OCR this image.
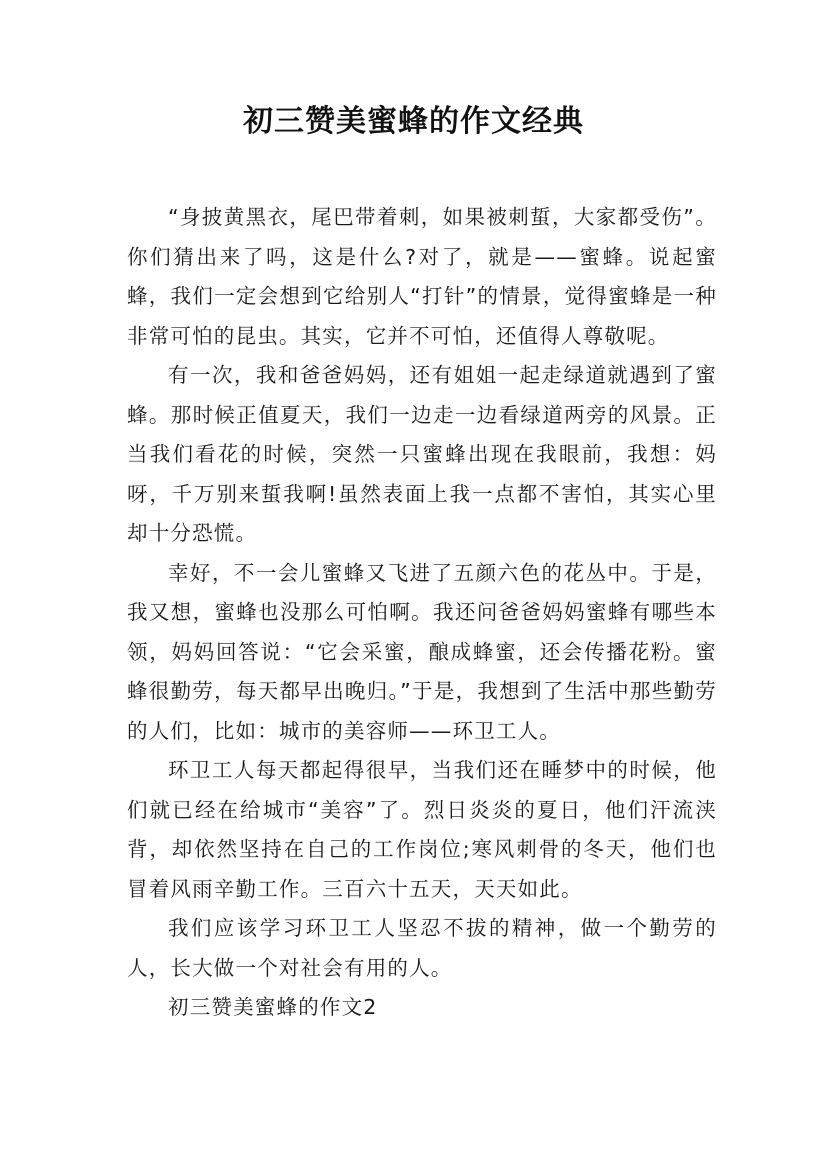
初三赞美蜜蜂的作文经典

“身披黄黑衣，尾巴带着刺，如果被刺蜇，大家都受伤”。你们猜出来了吗，这是什么?对了，就是——蜜蜂。说起蜜蜂，我们一定会想到它给别人“打针”的情景，觉得蜜蜂是一种非常可怕的昆虫。其实，它并不可怕，还值得人尊敬呢。

有一次，我和爸爸妈妈，还有姐姐一起走绿道就遇到了蜜蜂。那时候正值夏天，我们一边走一边看绿道两旁的风景。正当我们看花的时候，突然一只蜜蜂出现在我眼前，我想：妈呀，千万别来蜇我啊!虽然表面上我一点都不害怕，其实心里却十分恐慌。

幸好，不一会儿蜜蜂又飞进了五颜六色的花丛中。于是，我又想，蜜蜂也没那么可怕啊。我还问爸爸妈妈蜜蜂有哪些本领，妈妈回答说：“它会采蜜，酿成蜂蜜，还会传播花粉。蜜蜂很勤劳，每天都早出晚归。”于是，我想到了生活中那些勤劳的人们，比如：城市的美容师——环卫工人。

环卫工人每天都起得很早，当我们还在睡梦中的时候，他们就已经在给城市“美容”了。烈日炎炎的夏日，他们汗流浃背，却依然坚持在自己的工作岗位;寒风刺骨的冬天，他们也冒着风雨辛勤工作。三百六十五天，天天如此。

我们应该学习环卫工人坚忍不拔的精神，做一个勤劳的人，长大做一个对社会有用的人。

初三赞美蜜蜂的作文2
